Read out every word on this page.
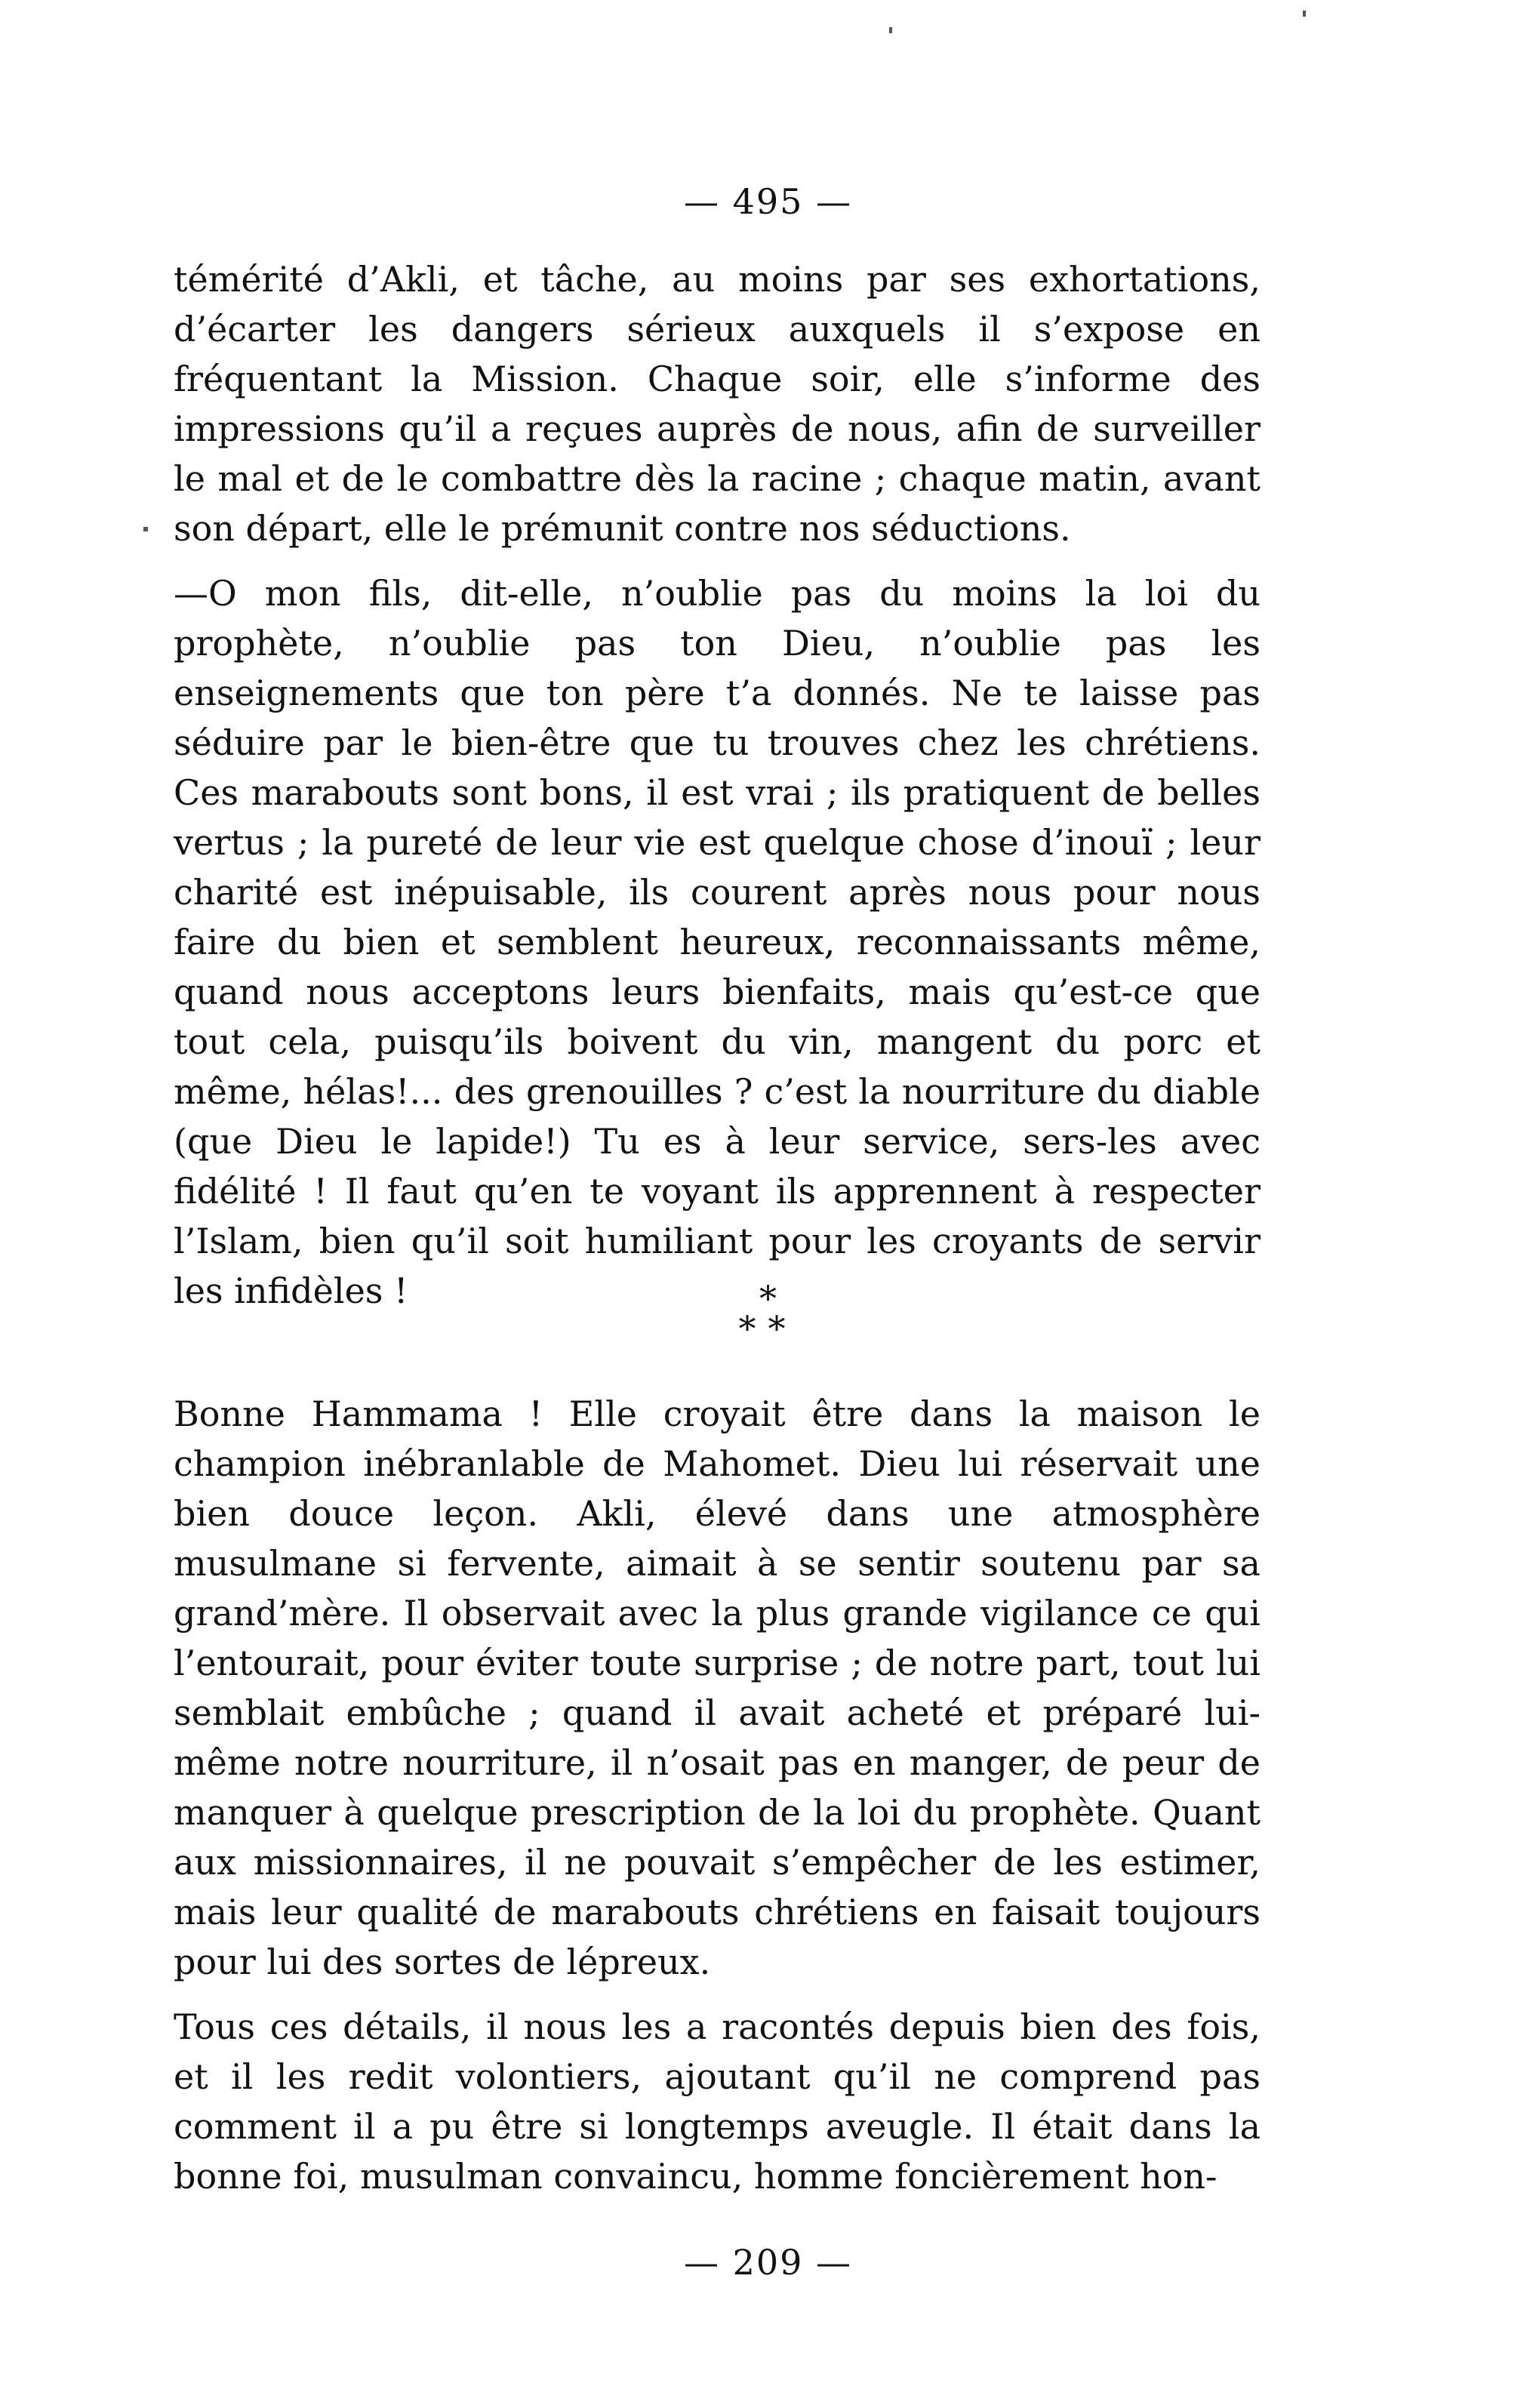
— 495 —

témérité d’Akli, et tâche, au moins par ses exhortations, d’écarter les dangers sérieux auxquels il s’expose en fréquentant la Mission. Chaque soir, elle s’informe des impressions qu’il a reçues auprès de nous, afin de surveiller le mal et de le combattre dès la racine ; chaque matin, avant son départ, elle le prémunit contre nos séductions.

—O mon fils, dit-elle, n’oublie pas du moins la loi du prophète, n’oublie pas ton Dieu, n’oublie pas les enseignements que ton père t’a donnés. Ne te laisse pas séduire par le bien-être que tu trouves chez les chrétiens. Ces marabouts sont bons, il est vrai ; ils pratiquent de belles vertus ; la pureté de leur vie est quelque chose d’inouï ; leur charité est inépuisable, ils courent après nous pour nous faire du bien et semblent heureux, reconnaissants même, quand nous acceptons leurs bienfaits, mais qu’est-ce que tout cela, puisqu’ils boivent du vin, mangent du porc et même, hélas!... des grenouilles ? c’est la nourriture du diable (que Dieu le lapide!) Tu es à leur service, sers-les avec fidélité ! Il faut qu’en te voyant ils apprennent à respecter l’Islam, bien qu’il soit humiliant pour les croyants de servir les infidèles !	*
**

Bonne Hammama ! Elle croyait être dans la maison le champion inébranlable de Mahomet. Dieu lui réservait une bien douce leçon. Akli, élevé dans une atmosphère musulmane si fervente, aimait à se sentir soutenu par sa grand’mère. Il observait avec la plus grande vigilance ce qui l’entourait, pour éviter toute surprise ; de notre part, tout lui semblait embûche ; quand il avait acheté et préparé lui-même notre nourriture, il n’osait pas en manger, de peur de manquer à quelque prescription de la loi du prophète. Quant aux missionnaires, il ne pouvait s’empêcher de les estimer, mais leur qualité de marabouts chrétiens en faisait toujours pour lui des sortes de lépreux.

Tous ces détails, il nous les a racontés depuis bien des fois, et il les redit volontiers, ajoutant qu’il ne comprend pas comment il a pu être si longtemps aveugle. Il était dans la bonne foi, musulman convaincu, homme foncièrement hon-

— 209 —
